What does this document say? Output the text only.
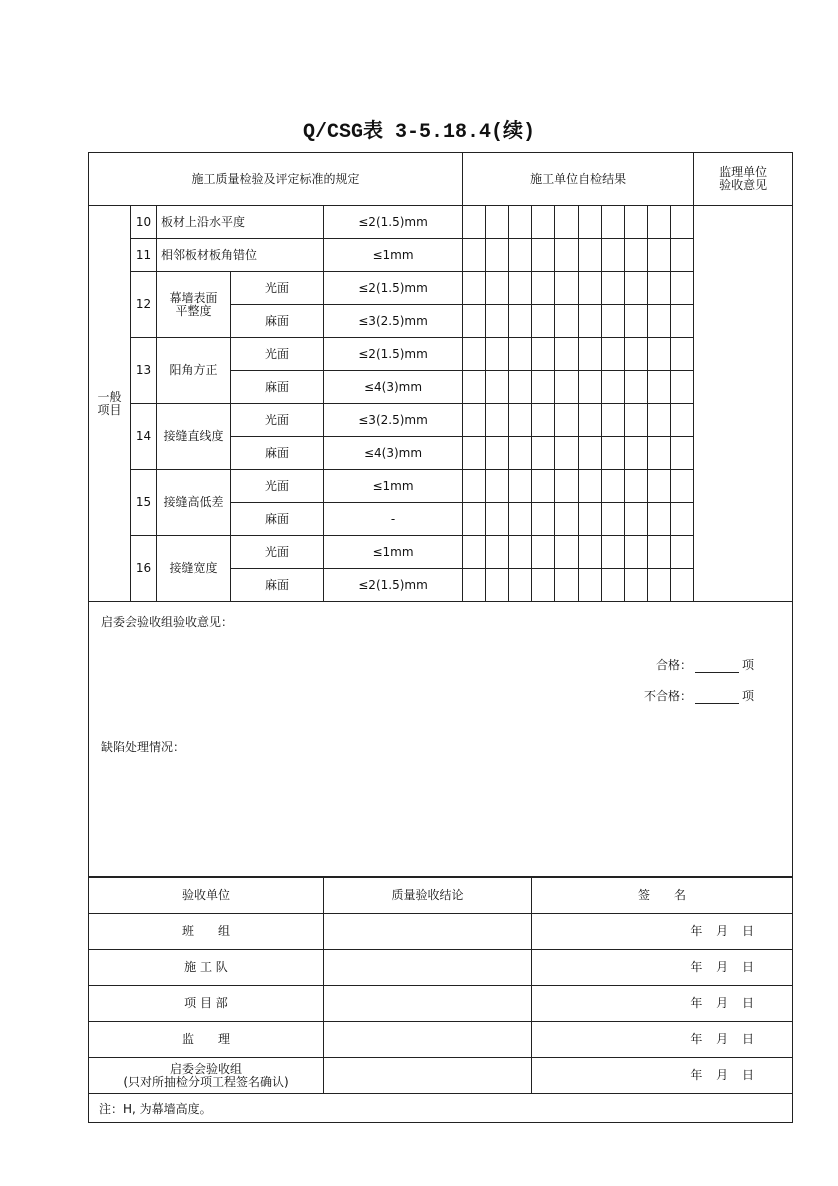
Q/CSG表 3-5.18.4(续)
施工质量检验及评定标准的规定					施工单位自检结果										监理单位
验收意见
一般
项目	10	板材上沿水平度		≤2(1.5)mm											
	11	相邻板材板角错位		≤1mm											
	12	幕墙表面
平整度	光面	≤2(1.5)mm											
			麻面	≤3(2.5)mm											
	13	阳角方正	光面	≤2(1.5)mm											
			麻面	≤4(3)mm											
	14	接缝直线度	光面	≤3(2.5)mm											
			麻面	≤4(3)mm											
	15	接缝高低差	光面	≤1mm											
			麻面	-											
	16	接缝宽度	光面	≤1mm											
			麻面	≤2(1.5)mm											
启委会验收组验收意见：
合格：	项
不合格：	项
缺陷处理情况：
验收单位	质量验收结论	签　　名
班　　组		年 月 日
施 工 队		年 月 日
项 目 部		年 月 日
监　　理		年 月 日
启委会验收组
(只对所抽检分项工程签名确认)		年 月 日
注：H, 为幕墙高度。
